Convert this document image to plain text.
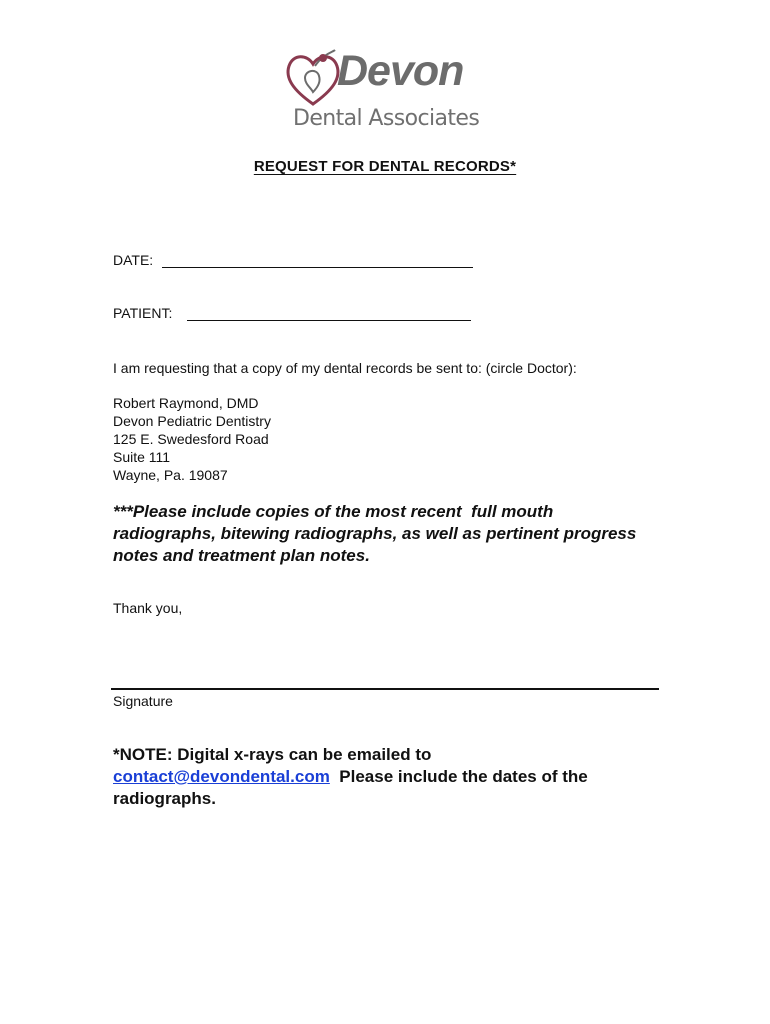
Devon
Dental Associates
REQUEST FOR DENTAL RECORDS*
DATE:
PATIENT:
I am requesting that a copy of my dental records be sent to: (circle Doctor):
Robert Raymond, DMD
Devon Pediatric Dentistry
125 E. Swedesford Road
Suite 111
Wayne, Pa. 19087
***Please include copies of the most recent  full mouth
radiographs, bitewing radiographs, as well as pertinent progress
notes and treatment plan notes.
Thank you,
Signature
*NOTE: Digital x-rays can be emailed to
contact@devondental.com  Please include the dates of the
radiographs.
